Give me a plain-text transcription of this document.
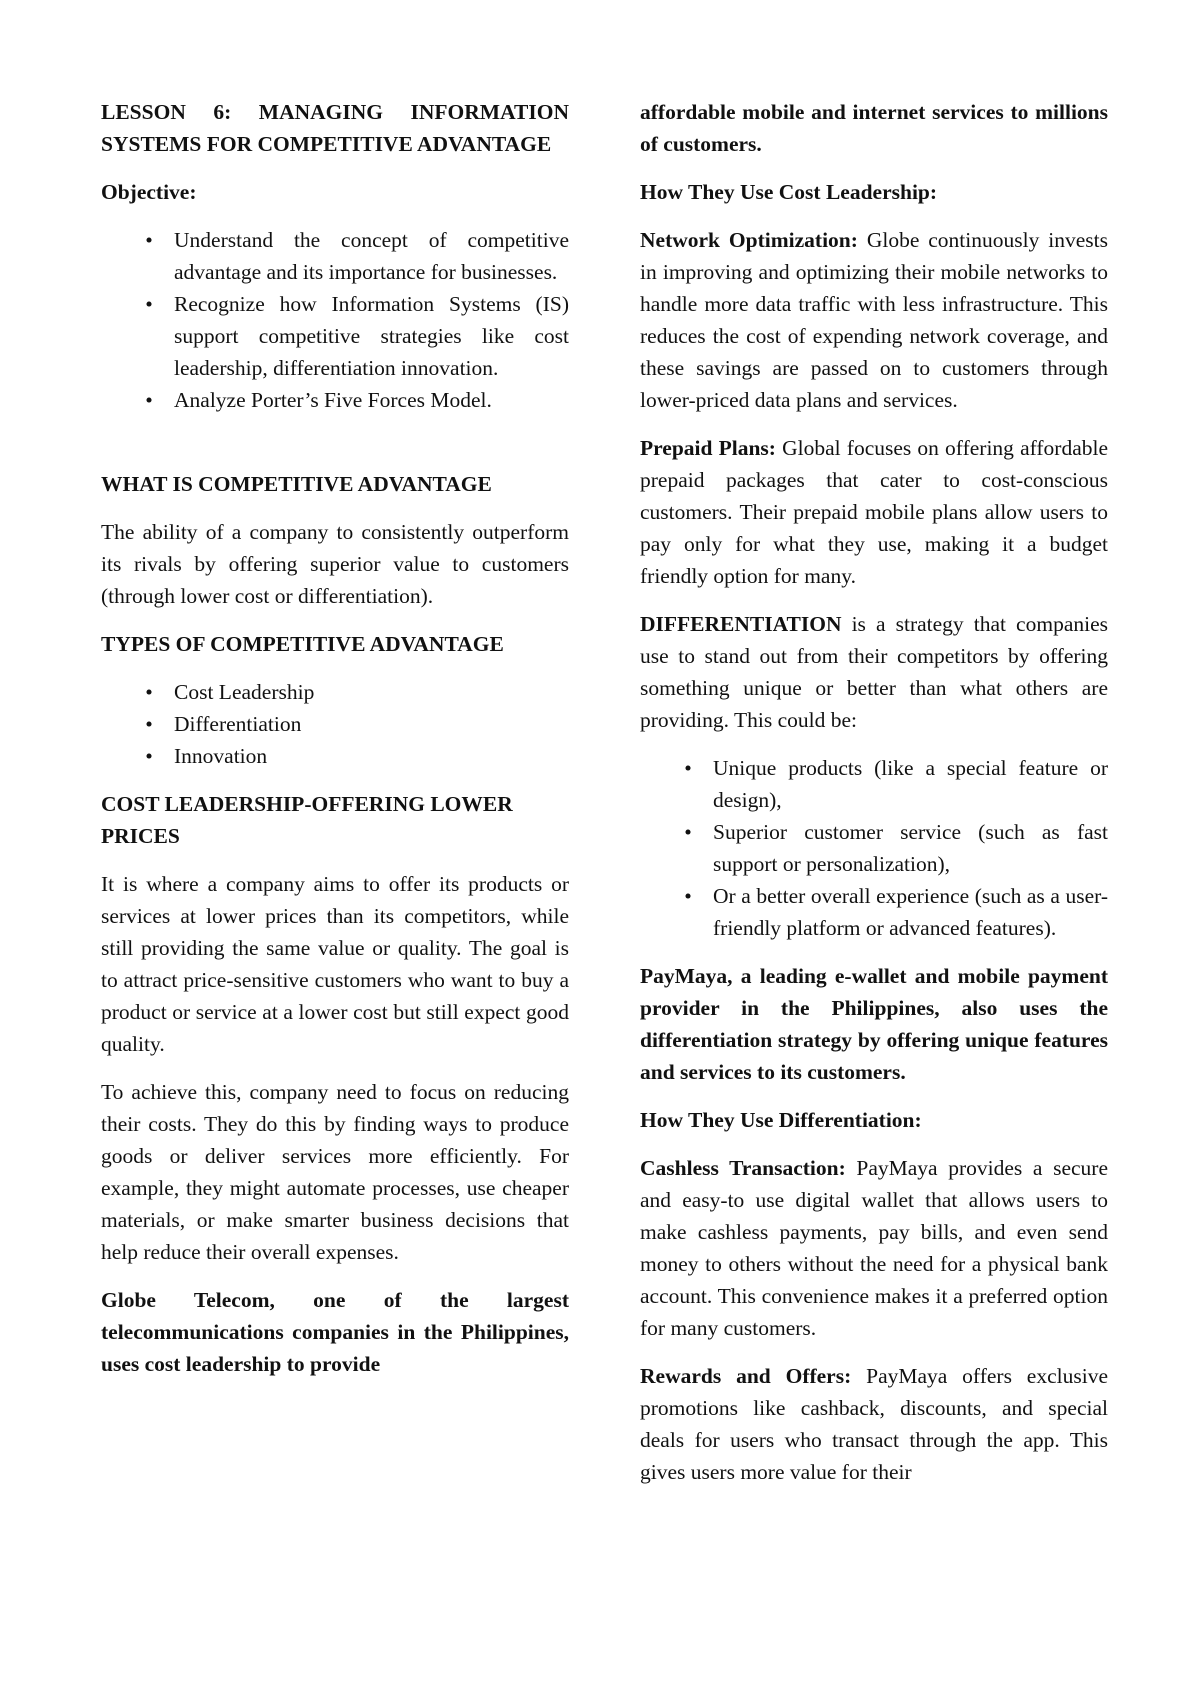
LESSON 6: MANAGING INFORMATION SYSTEMS FOR COMPETITIVE ADVANTAGE

Objective:

• Understand the concept of competitive advantage and its importance for businesses.
• Recognize how Information Systems (IS) support competitive strategies like cost leadership, differentiation innovation.
• Analyze Porter’s Five Forces Model.
WHAT IS COMPETITIVE ADVANTAGE

The ability of a company to consistently outperform its rivals by offering superior value to customers (through lower cost or differentiation).

TYPES OF COMPETITIVE ADVANTAGE
• Cost Leadership
• Differentiation
• Innovation
COST LEADERSHIP-OFFERING LOWER PRICES

It is where a company aims to offer its products or services at lower prices than its competitors, while still providing the same value or quality. The goal is to attract price-sensitive customers who want to buy a product or service at a lower cost but still expect good quality.

To achieve this, company need to focus on reducing their costs. They do this by finding ways to produce goods or deliver services more efficiently. For example, they might automate processes, use cheaper materials, or make smarter business decisions that help reduce their overall expenses.

Globe Telecom, one of the largest telecommunications companies in the Philippines, uses cost leadership to provide

affordable mobile and internet services to millions of customers.

How They Use Cost Leadership:

Network Optimization: Globe continuously invests in improving and optimizing their mobile networks to handle more data traffic with less infrastructure. This reduces the cost of expending network coverage, and these savings are passed on to customers through lower-priced data plans and services.

Prepaid Plans: Global focuses on offering affordable prepaid packages that cater to cost-conscious customers. Their prepaid mobile plans allow users to pay only for what they use, making it a budget friendly option for many.

DIFFERENTIATION is a strategy that companies use to stand out from their competitors by offering something unique or better than what others are providing. This could be:

• Unique products (like a special feature or design),
• Superior customer service (such as fast support or personalization),
• Or a better overall experience (such as a user-friendly platform or advanced features).

PayMaya, a leading e-wallet and mobile payment provider in the Philippines, also uses the differentiation strategy by offering unique features and services to its customers.

How They Use Differentiation:

Cashless Transaction: PayMaya provides a secure and easy-to use digital wallet that allows users to make cashless payments, pay bills, and even send money to others without the need for a physical bank account. This convenience makes it a preferred option for many customers.

Rewards and Offers: PayMaya offers exclusive promotions like cashback, discounts, and special deals for users who transact through the app. This gives users more value for their
